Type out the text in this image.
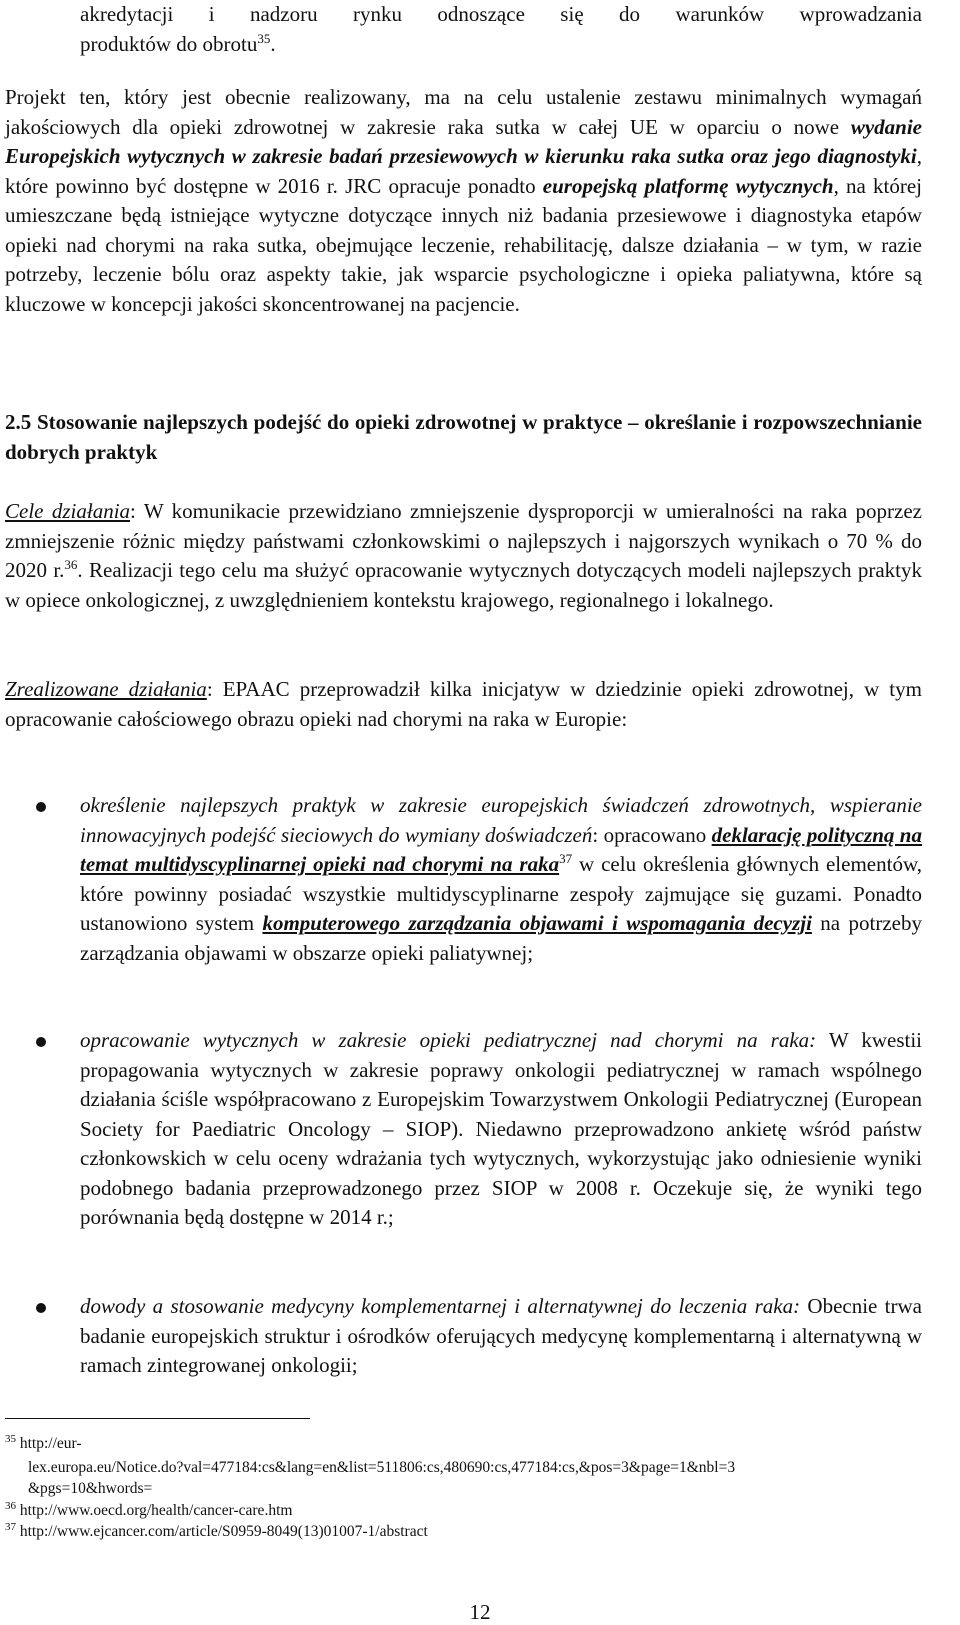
akredytacji i nadzoru rynku odnoszące się do warunków wprowadzania
produktów do obrotu$^{35}$.

Projekt ten, który jest obecnie realizowany, ma na celu ustalenie zestawu minimalnych wymagań jakościowych dla opieki zdrowotnej w zakresie raka sutka w całej UE w oparciu o nowe wydanie Europejskich wytycznych w zakresie badań przesiewowych w kierunku raka sutka oraz jego diagnostyki, które powinno być dostępne w 2016 r. JRC opracuje ponadto europejską platformę wytycznych, na której umieszczane będą istniejące wytyczne dotyczące innych niż badania przesiewowe i diagnostyka etapów opieki nad chorymi na raka sutka, obejmujące leczenie, rehabilitację, dalsze działania – w tym, w razie potrzeby, leczenie bólu oraz aspekty takie, jak wsparcie psychologiczne i opieka paliatywna, które są kluczowe w koncepcji jakości skoncentrowanej na pacjencie.

2.5 Stosowanie najlepszych podejść do opieki zdrowotnej w praktyce – określanie i rozpowszechnianie dobrych praktyk

Cele działania: W komunikacie przewidziano zmniejszenie dysproporcji w umieralności na raka poprzez zmniejszenie różnic między państwami członkowskimi o najlepszych i najgorszych wynikach o 70 % do 2020 r.$^{36}$. Realizacji tego celu ma służyć opracowanie wytycznych dotyczących modeli najlepszych praktyk w opiece onkologicznej, z uwzględnieniem kontekstu krajowego, regionalnego i lokalnego.

Zrealizowane działania: EPAAC przeprowadził kilka inicjatyw w dziedzinie opieki zdrowotnej, w tym opracowanie całościowego obrazu opieki nad chorymi na raka w Europie:

określenie najlepszych praktyk w zakresie europejskich świadczeń zdrowotnych, wspieranie innowacyjnych podejść sieciowych do wymiany doświadczeń: opracowano deklarację polityczną na temat multidyscyplinarnej opieki nad chorymi na raka$^{37}$ w celu określenia głównych elementów, które powinny posiadać wszystkie multidyscyplinarne zespoły zajmujące się guzami. Ponadto ustanowiono system komputerowego zarządzania objawami i wspomagania decyzji na potrzeby zarządzania objawami w obszarze opieki paliatywnej;

opracowanie wytycznych w zakresie opieki pediatrycznej nad chorymi na raka: W kwestii propagowania wytycznych w zakresie poprawy onkologii pediatrycznej w ramach wspólnego działania ściśle współpracowano z Europejskim Towarzystwem Onkologii Pediatrycznej (European Society for Paediatric Oncology – SIOP). Niedawno przeprowadzono ankietę wśród państw członkowskich w celu oceny wdrażania tych wytycznych, wykorzystując jako odniesienie wyniki podobnego badania przeprowadzonego przez SIOP w 2008 r. Oczekuje się, że wyniki tego porównania będą dostępne w 2014 r.;

dowody a stosowanie medycyny komplementarnej i alternatywnej do leczenia raka: Obecnie trwa badanie europejskich struktur i ośrodków oferujących medycynę komplementarną i alternatywną w ramach zintegrowanej onkologii;

$^{35}$ http://eur-
lex.europa.eu/Notice.do?val=477184:cs&lang=en&list=511806:cs,480690:cs,477184:cs,&pos=3&page=1&nbl=3
&pgs=10&hwords=
$^{36}$ http://www.oecd.org/health/cancer-care.htm
$^{37}$ http://www.ejcancer.com/article/S0959-8049(13)01007-1/abstract
12
